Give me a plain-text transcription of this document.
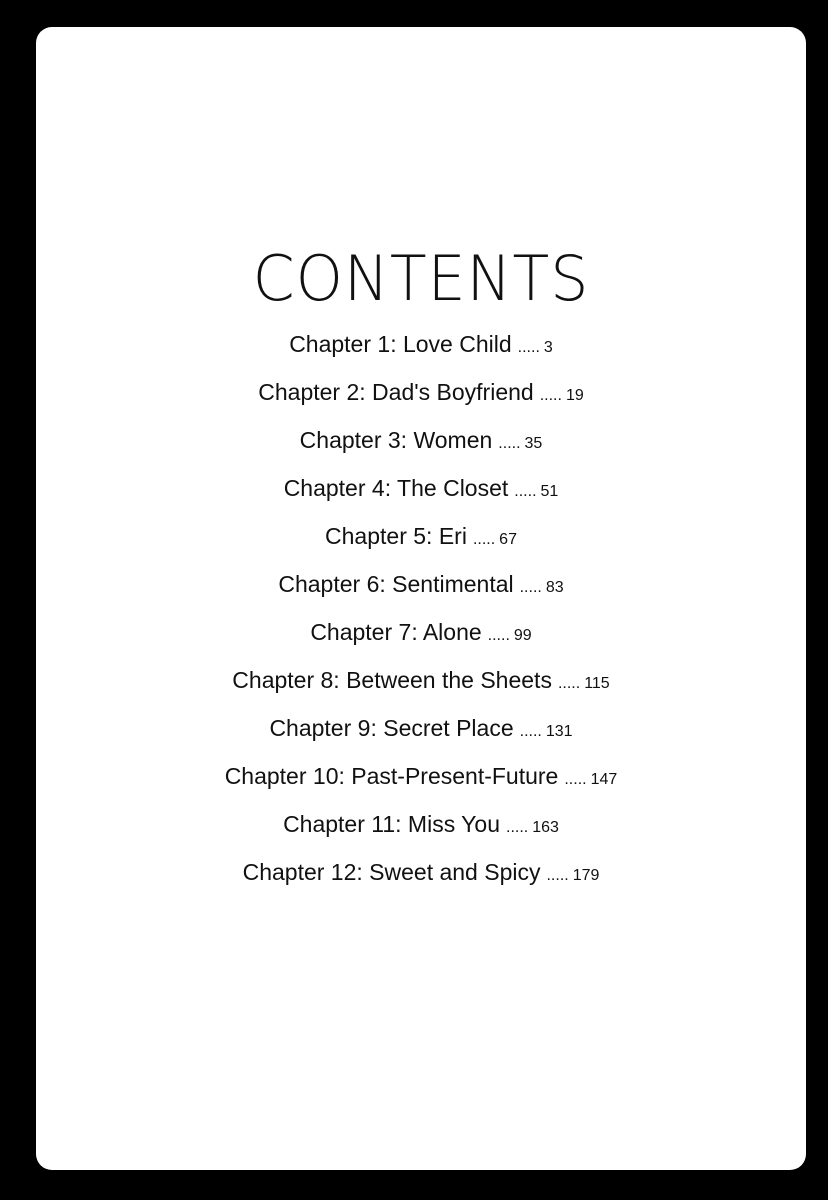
CONTENTS
Chapter 1: Love Child ..... 3
Chapter 2: Dad's Boyfriend ..... 19
Chapter 3: Women ..... 35
Chapter 4: The Closet ..... 51
Chapter 5: Eri ..... 67
Chapter 6: Sentimental ..... 83
Chapter 7: Alone ..... 99
Chapter 8: Between the Sheets ..... 115
Chapter 9: Secret Place ..... 131
Chapter 10: Past-Present-Future ..... 147
Chapter 11: Miss You ..... 163
Chapter 12: Sweet and Spicy ..... 179
